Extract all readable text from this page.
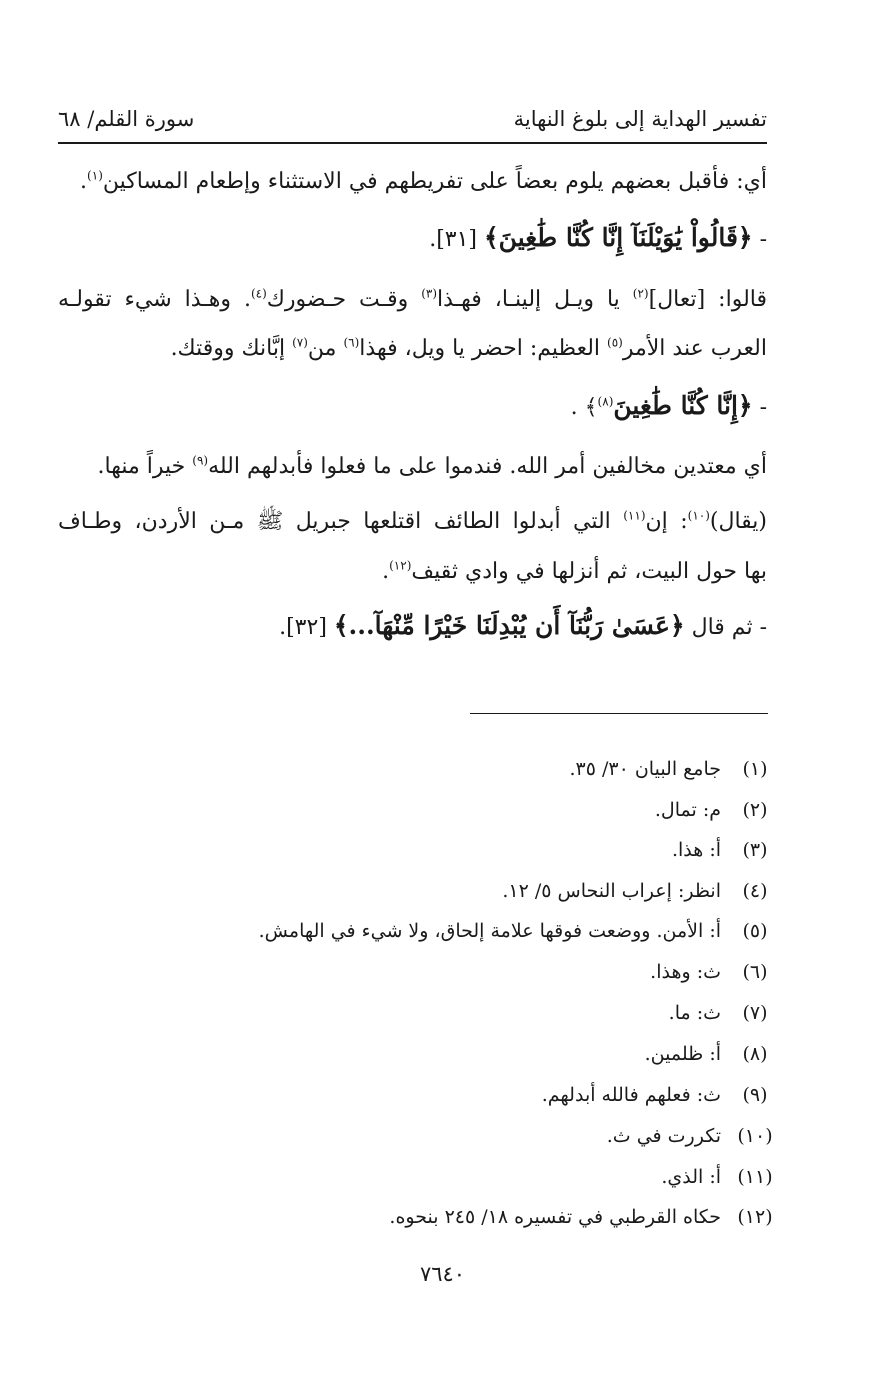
تفسير الهداية إلى بلوغ النهاية
سورة القلم/ ٦٨
أي: فأقبل بعضهم يلوم بعضاً على تفريطهم في الاستثناء وإطعام المساكين$^{(١)}$.
- ﴿قَالُواْ يَٰوَيْلَنَآ إِنَّا كُنَّا طَٰغِينَ﴾ [٣١].
قالوا: [تعال]$^{(٢)}$ يا ويـل إلينـا، فهـذا$^{(٣)}$ وقـت حـضورك$^{(٤)}$. وهـذا شيء تقولـه
العرب عند الأمر$^{(٥)}$ العظيم: احضر يا ويل، فهذا$^{(٦)}$ من$^{(٧)}$ إبَّانك ووقتك.
- ﴿إِنَّا كُنَّا طَٰغِينَ$^{(٨)}$﴾ .
أي معتدين مخالفين أمر الله. فندموا على ما فعلوا فأبدلهم الله$^{(٩)}$ خيراً منها.
(يقال)$^{(١٠)}$: إن$^{(١١)}$ التي أبدلوا الطائف اقتلعها جبريل ﷺ مـن الأردن، وطـاف
بها حول البيت، ثم أنزلها في وادي ثقيف$^{(١٢)}$.
- ثم قال ﴿عَسَىٰ رَبُّنَآ أَن يُبْدِلَنَا خَيْرًا مِّنْهَآ...﴾ [٣٢].
(١)
جامع البيان ٣٠/ ٣٥.
(٢)
م: تمال.
(٣)
أ: هذا.
(٤)
انظر: إعراب النحاس ٥/ ١٢.
(٥)
أ: الأمن. ووضعت فوقها علامة إلحاق، ولا شيء في الهامش.
(٦)
ث: وهذا.
(٧)
ث: ما.
(٨)
أ: ظلمين.
(٩)
ث: فعلهم فالله أبدلهم.
(١٠)
تكررت في ث.
(١١)
أ: الذي.
(١٢)
حكاه القرطبي في تفسيره ١٨/ ٢٤٥ بنحوه.
٧٦٤٠
